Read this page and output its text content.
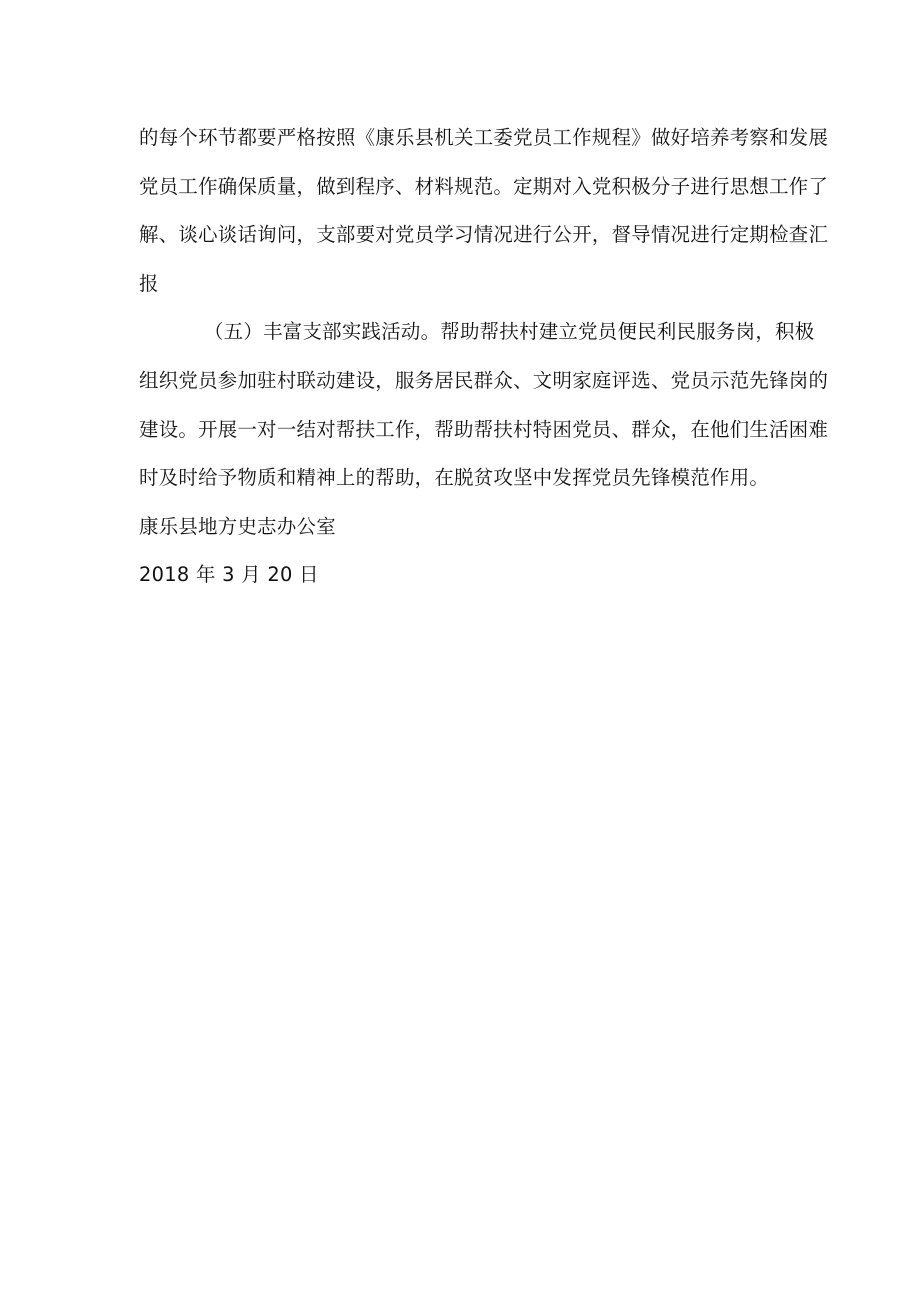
的每个环节都要严格按照《康乐县机关工委党员工作规程》做好培养考察和发展
党员工作确保质量，做到程序、材料规范。定期对入党积极分子进行思想工作了
解、谈心谈话询问，支部要对党员学习情况进行公开，督导情况进行定期检查汇
报
（五）丰富支部实践活动。帮助帮扶村建立党员便民利民服务岗，积极
组织党员参加驻村联动建设，服务居民群众、文明家庭评选、党员示范先锋岗的
建设。开展一对一结对帮扶工作，帮助帮扶村特困党员、群众，在他们生活困难
时及时给予物质和精神上的帮助，在脱贫攻坚中发挥党员先锋模范作用。
康乐县地方史志办公室
2018 年 3 月 20 日
